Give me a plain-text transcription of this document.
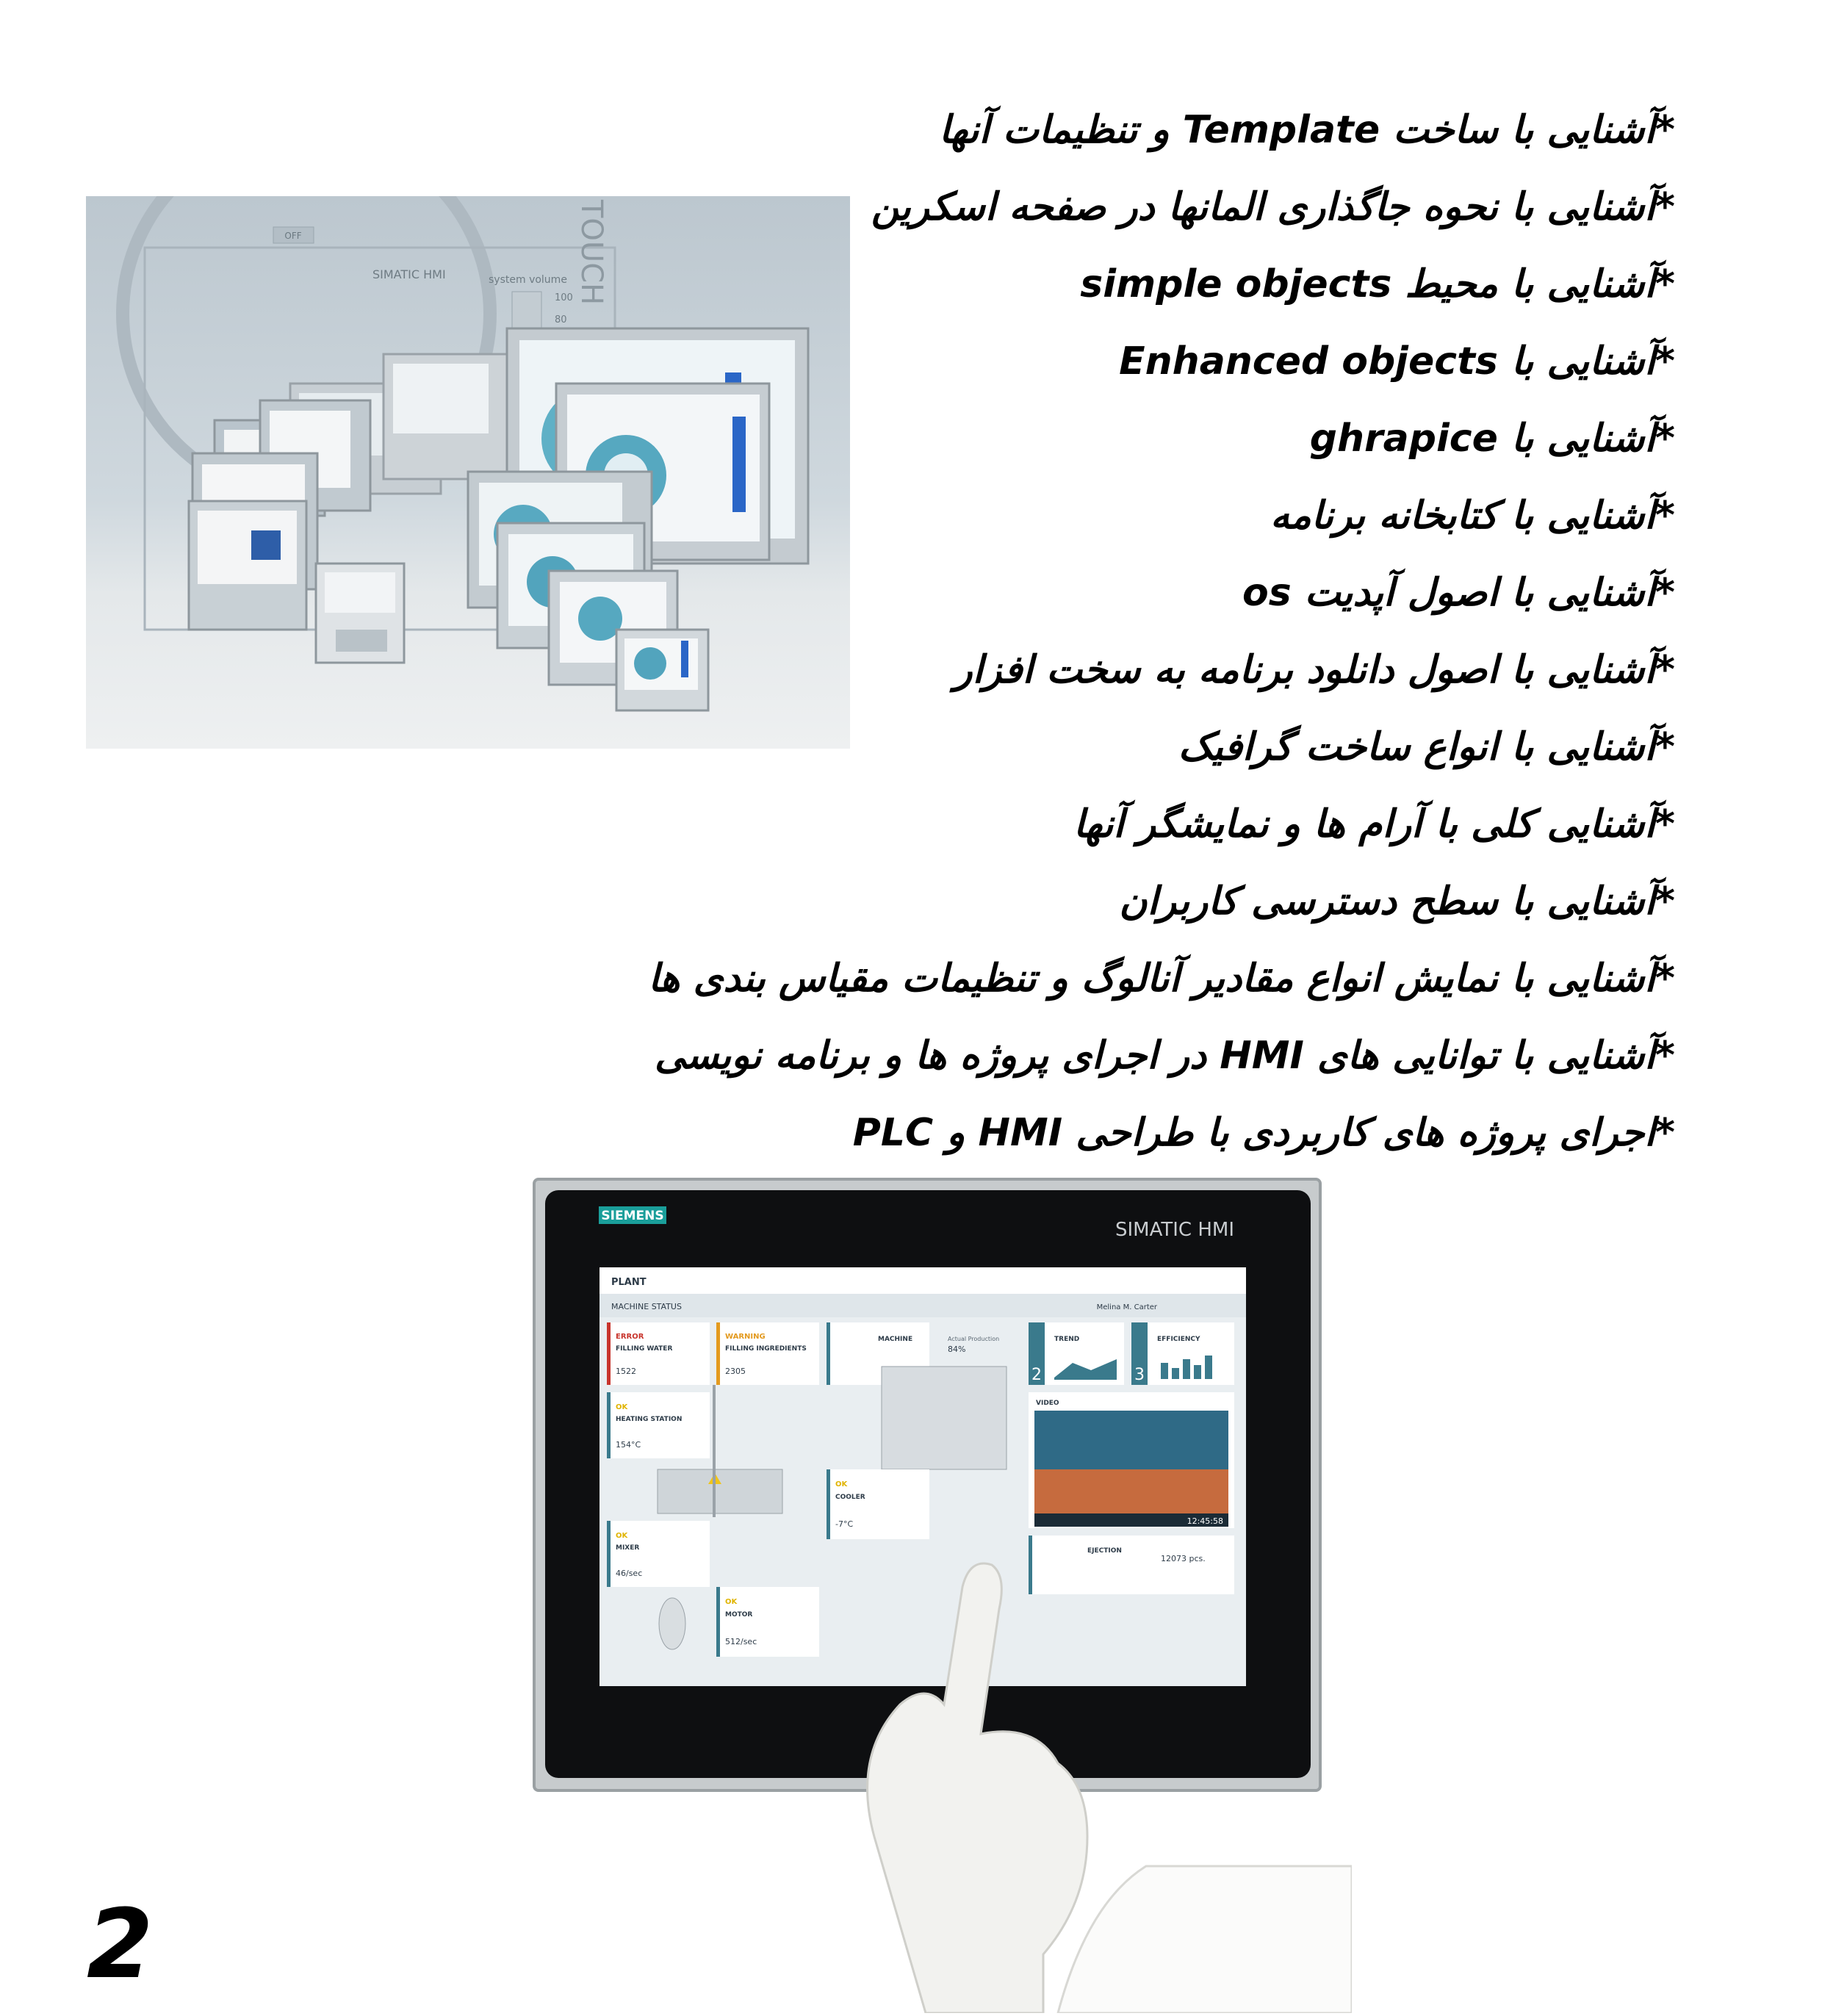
*آشنایی با ساخت Template و تنظیمات آنها
*آشنایی با نحوه جاگذاری المانها در صفحه اسکرین
*آشنایی با محیط simple objects
*آشنایی با Enhanced objects
*آشنایی با ghrapice
*آشنایی با کتابخانه برنامه
*آشنایی با اصول آپدیت os
*آشنایی با اصول دانلود برنامه به سخت افزار
*آشنایی با انواع ساخت گرافیک
*آشنایی کلی با آرام ها و نمایشگر آنها
*آشنایی با سطح دسترسی کاربران
*آشنایی با نمایش انواع مقادیر آنالوگ و تنظیمات مقیاس بندی ها
*آشنایی با توانایی های HMI در اجرای پروژه ها و برنامه نویسی
*اجرای پروژه های کاربردی با طراحی HMI و PLC
OFF
SIMATIC HMI	system volume
100
80
TOUCH
SIEMENS
SIMATIC HMI
PLANT
MACHINE STATUS	Melina M. Carter
ERROR
FILLING WATER
1522
WARNING
FILLING INGREDIENTS
2305
OK
HEATING STATION
154°C
OK
MIXER
46/sec
MACHINE	Actual Production
84%
OK
COOLER
-7°C
OK
MOTOR
512/sec
2
TREND
3
EFFICIENCY
VIDEO
12:45:58
EJECTION
12073 pcs.
2
